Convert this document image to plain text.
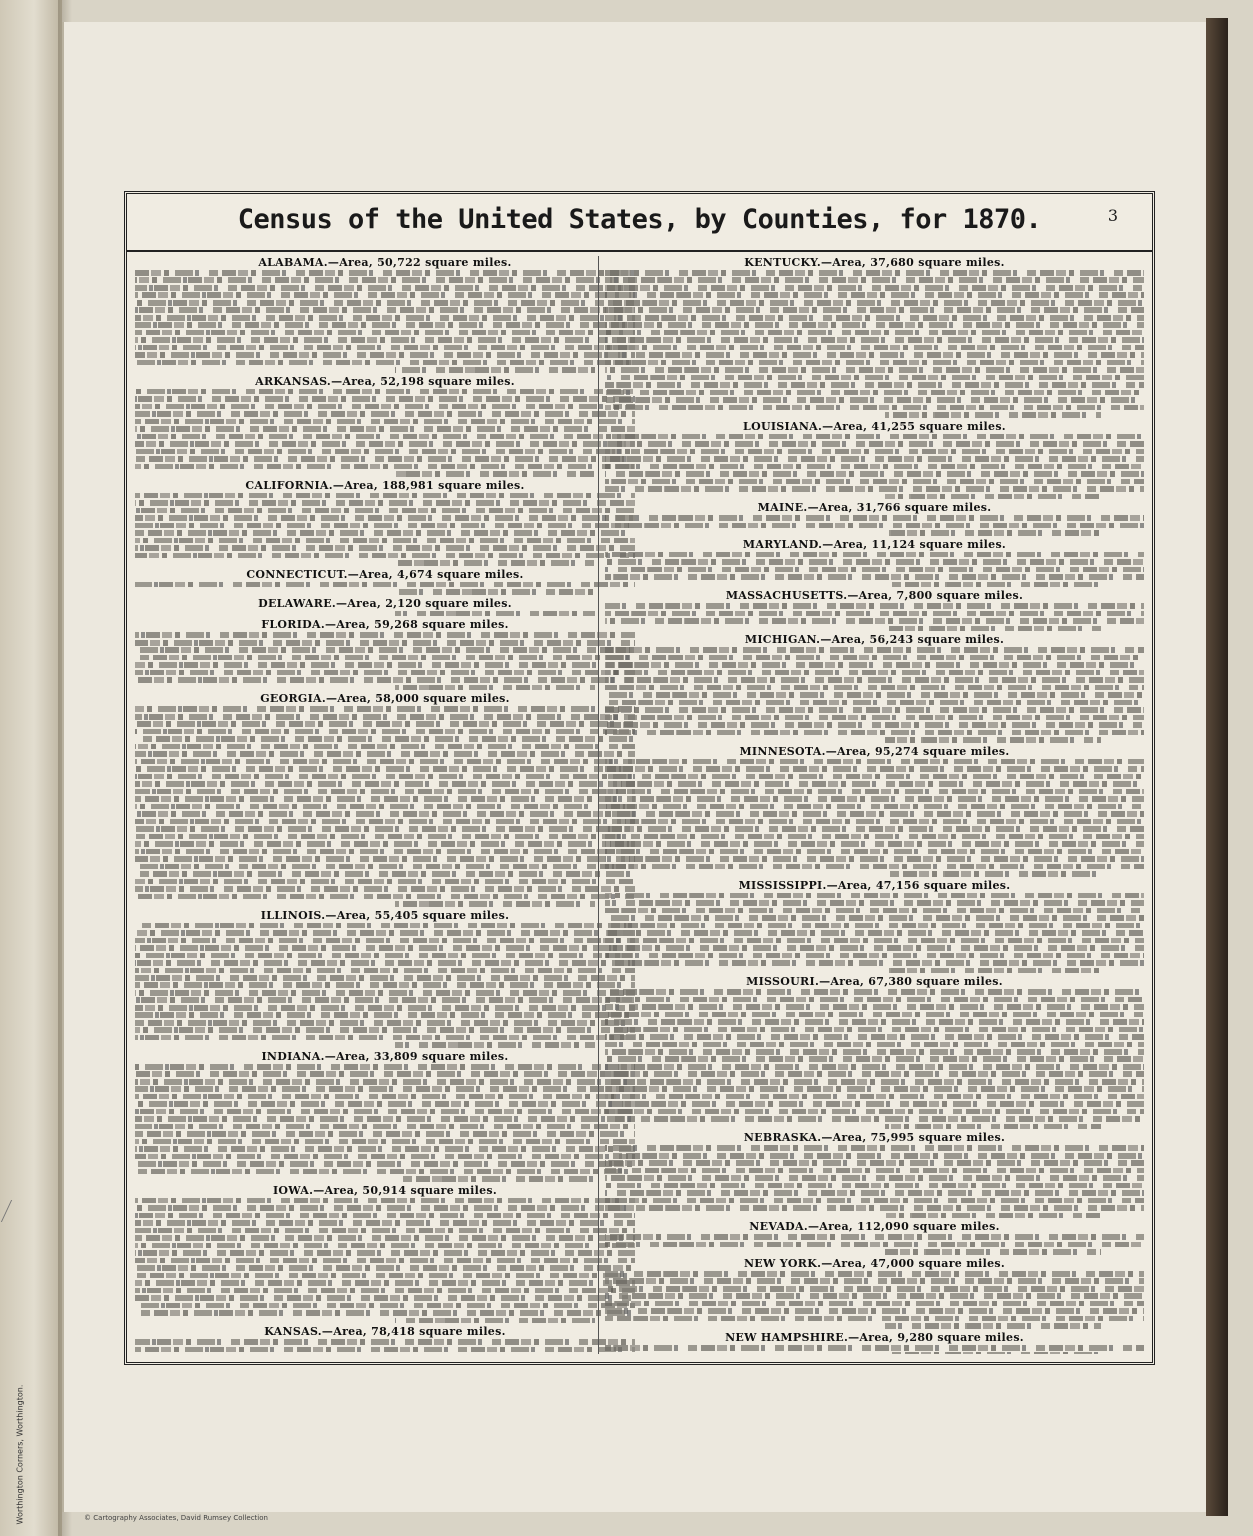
Worthington Corners, Worthington.
Census of the United States, by Counties, for 1870.	3
ALABAMA.—Area, 50,722 square miles.
ARKANSAS.—Area, 52,198 square miles.
CALIFORNIA.—Area, 188,981 square miles.
CONNECTICUT.—Area, 4,674 square miles.
DELAWARE.—Area, 2,120 square miles.
FLORIDA.—Area, 59,268 square miles.
GEORGIA.—Area, 58,000 square miles.
ILLINOIS.—Area, 55,405 square miles.
INDIANA.—Area, 33,809 square miles.
IOWA.—Area, 50,914 square miles.
KANSAS.—Area, 78,418 square miles.
KENTUCKY.—Area, 37,680 square miles.
LOUISIANA.—Area, 41,255 square miles.
MAINE.—Area, 31,766 square miles.
MARYLAND.—Area, 11,124 square miles.
MASSACHUSETTS.—Area, 7,800 square miles.
MICHIGAN.—Area, 56,243 square miles.
MINNESOTA.—Area, 95,274 square miles.
MISSISSIPPI.—Area, 47,156 square miles.
MISSOURI.—Area, 67,380 square miles.
NEBRASKA.—Area, 75,995 square miles.
NEVADA.—Area, 112,090 square miles.
NEW YORK.—Area, 47,000 square miles.
NEW HAMPSHIRE.—Area, 9,280 square miles.
© Cartography Associates, David Rumsey Collection
